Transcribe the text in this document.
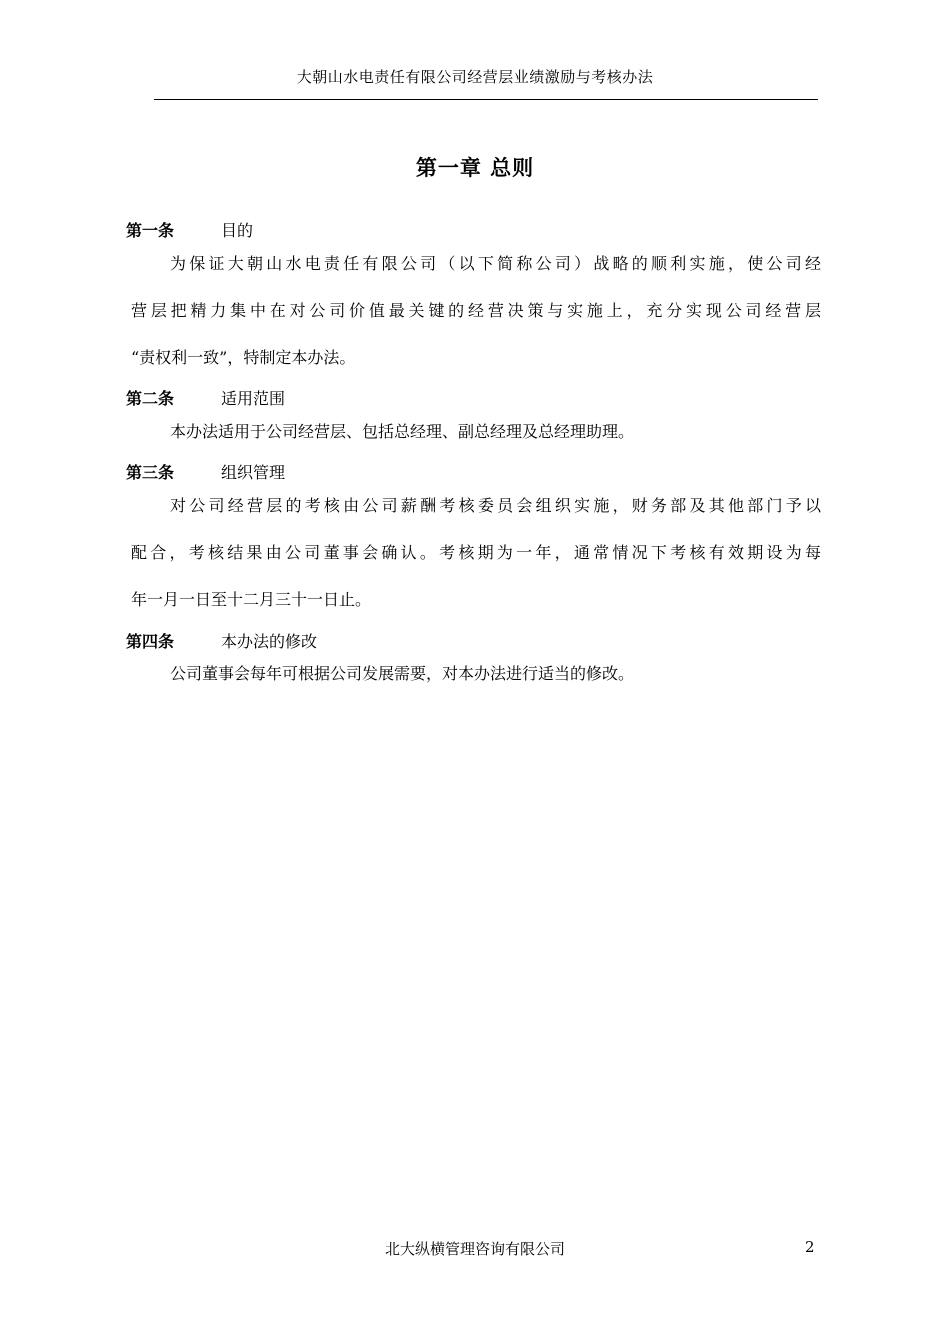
大朝山水电责任有限公司经营层业绩激励与考核办法
第一章 总则
第一条	目的
为保证大朝山水电责任有限公司（以下简称公司）战略的顺利实施，使公司经
营层把精力集中在对公司价值最关键的经营决策与实施上，充分实现公司经营层
“责权利一致”，特制定本办法。
第二条	适用范围
本办法适用于公司经营层、包括总经理、副总经理及总经理助理。
第三条	组织管理
对公司经营层的考核由公司薪酬考核委员会组织实施，财务部及其他部门予以
配合，考核结果由公司董事会确认。考核期为一年，通常情况下考核有效期设为每
年一月一日至十二月三十一日止。
第四条	本办法的修改
公司董事会每年可根据公司发展需要，对本办法进行适当的修改。
北大纵横管理咨询有限公司	2
